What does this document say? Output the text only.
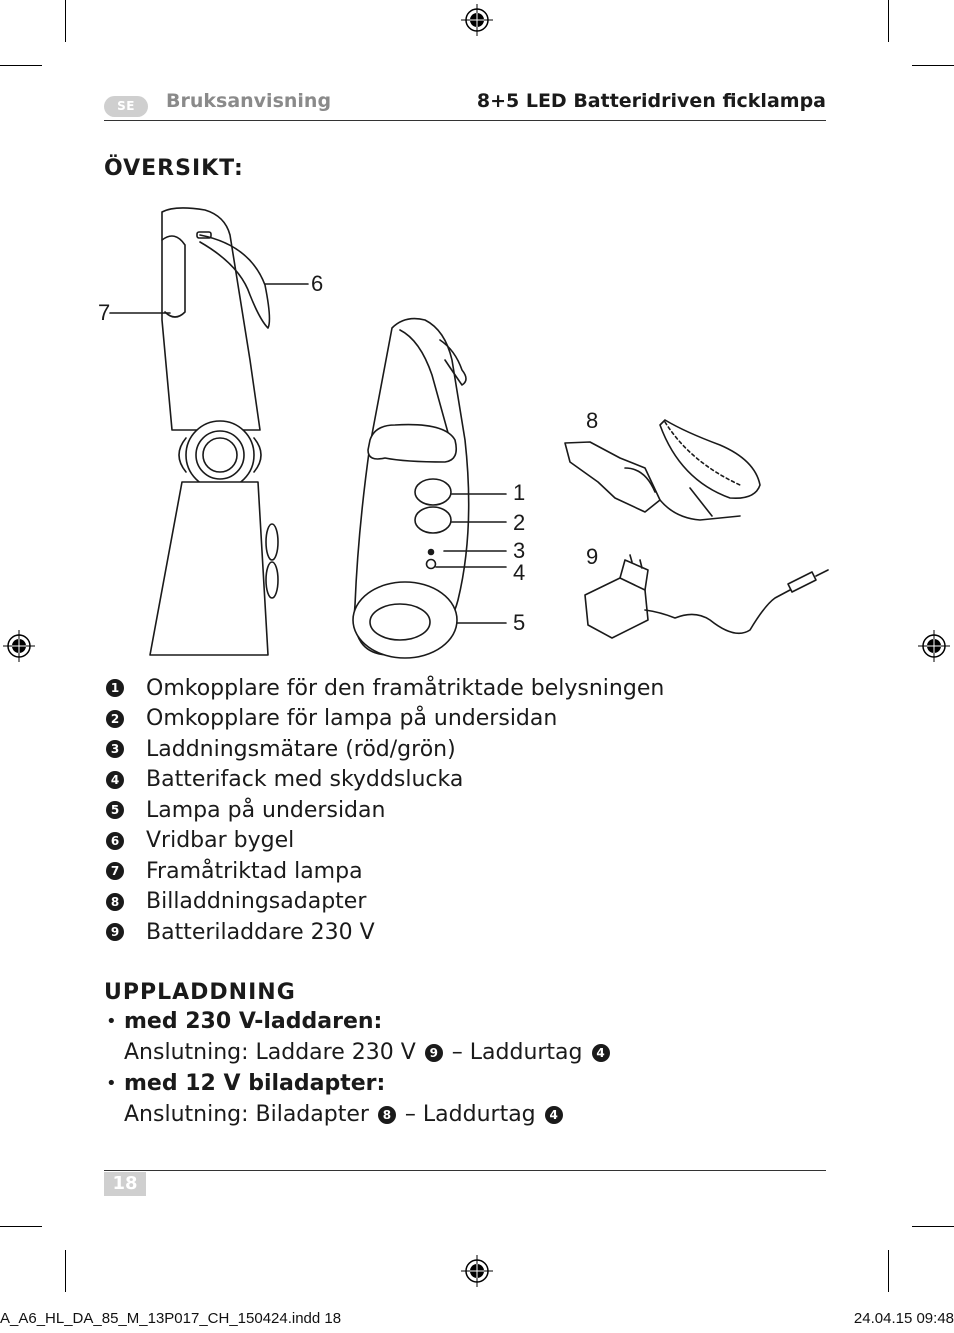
SE	Bruksanvisning	8+5 LED Batteridriven ficklampa
ÖVERSIKT:
7
6
1
2
3
4
5
8
9
1 Omkopplare för den framåtriktade belysningen
2 Omkopplare för lampa på undersidan
3 Laddningsmätare (röd/grön)
4 Batterifack med skyddslucka
5 Lampa på undersidan
6 Vridbar bygel
7 Framåtriktad lampa
8 Billaddningsadapter
9 Batteriladdare 230 V
UPPLADDNING
• med 230 V-laddaren:
Anslutning: Laddare 230 V 9 – Laddurtag 4
• med 12 V biladapter:
Anslutning: Biladapter 8 – Laddurtag 4
18
A_A6_HL_DA_85_M_13P017_CH_150424.indd 18	24.04.15 09:48
